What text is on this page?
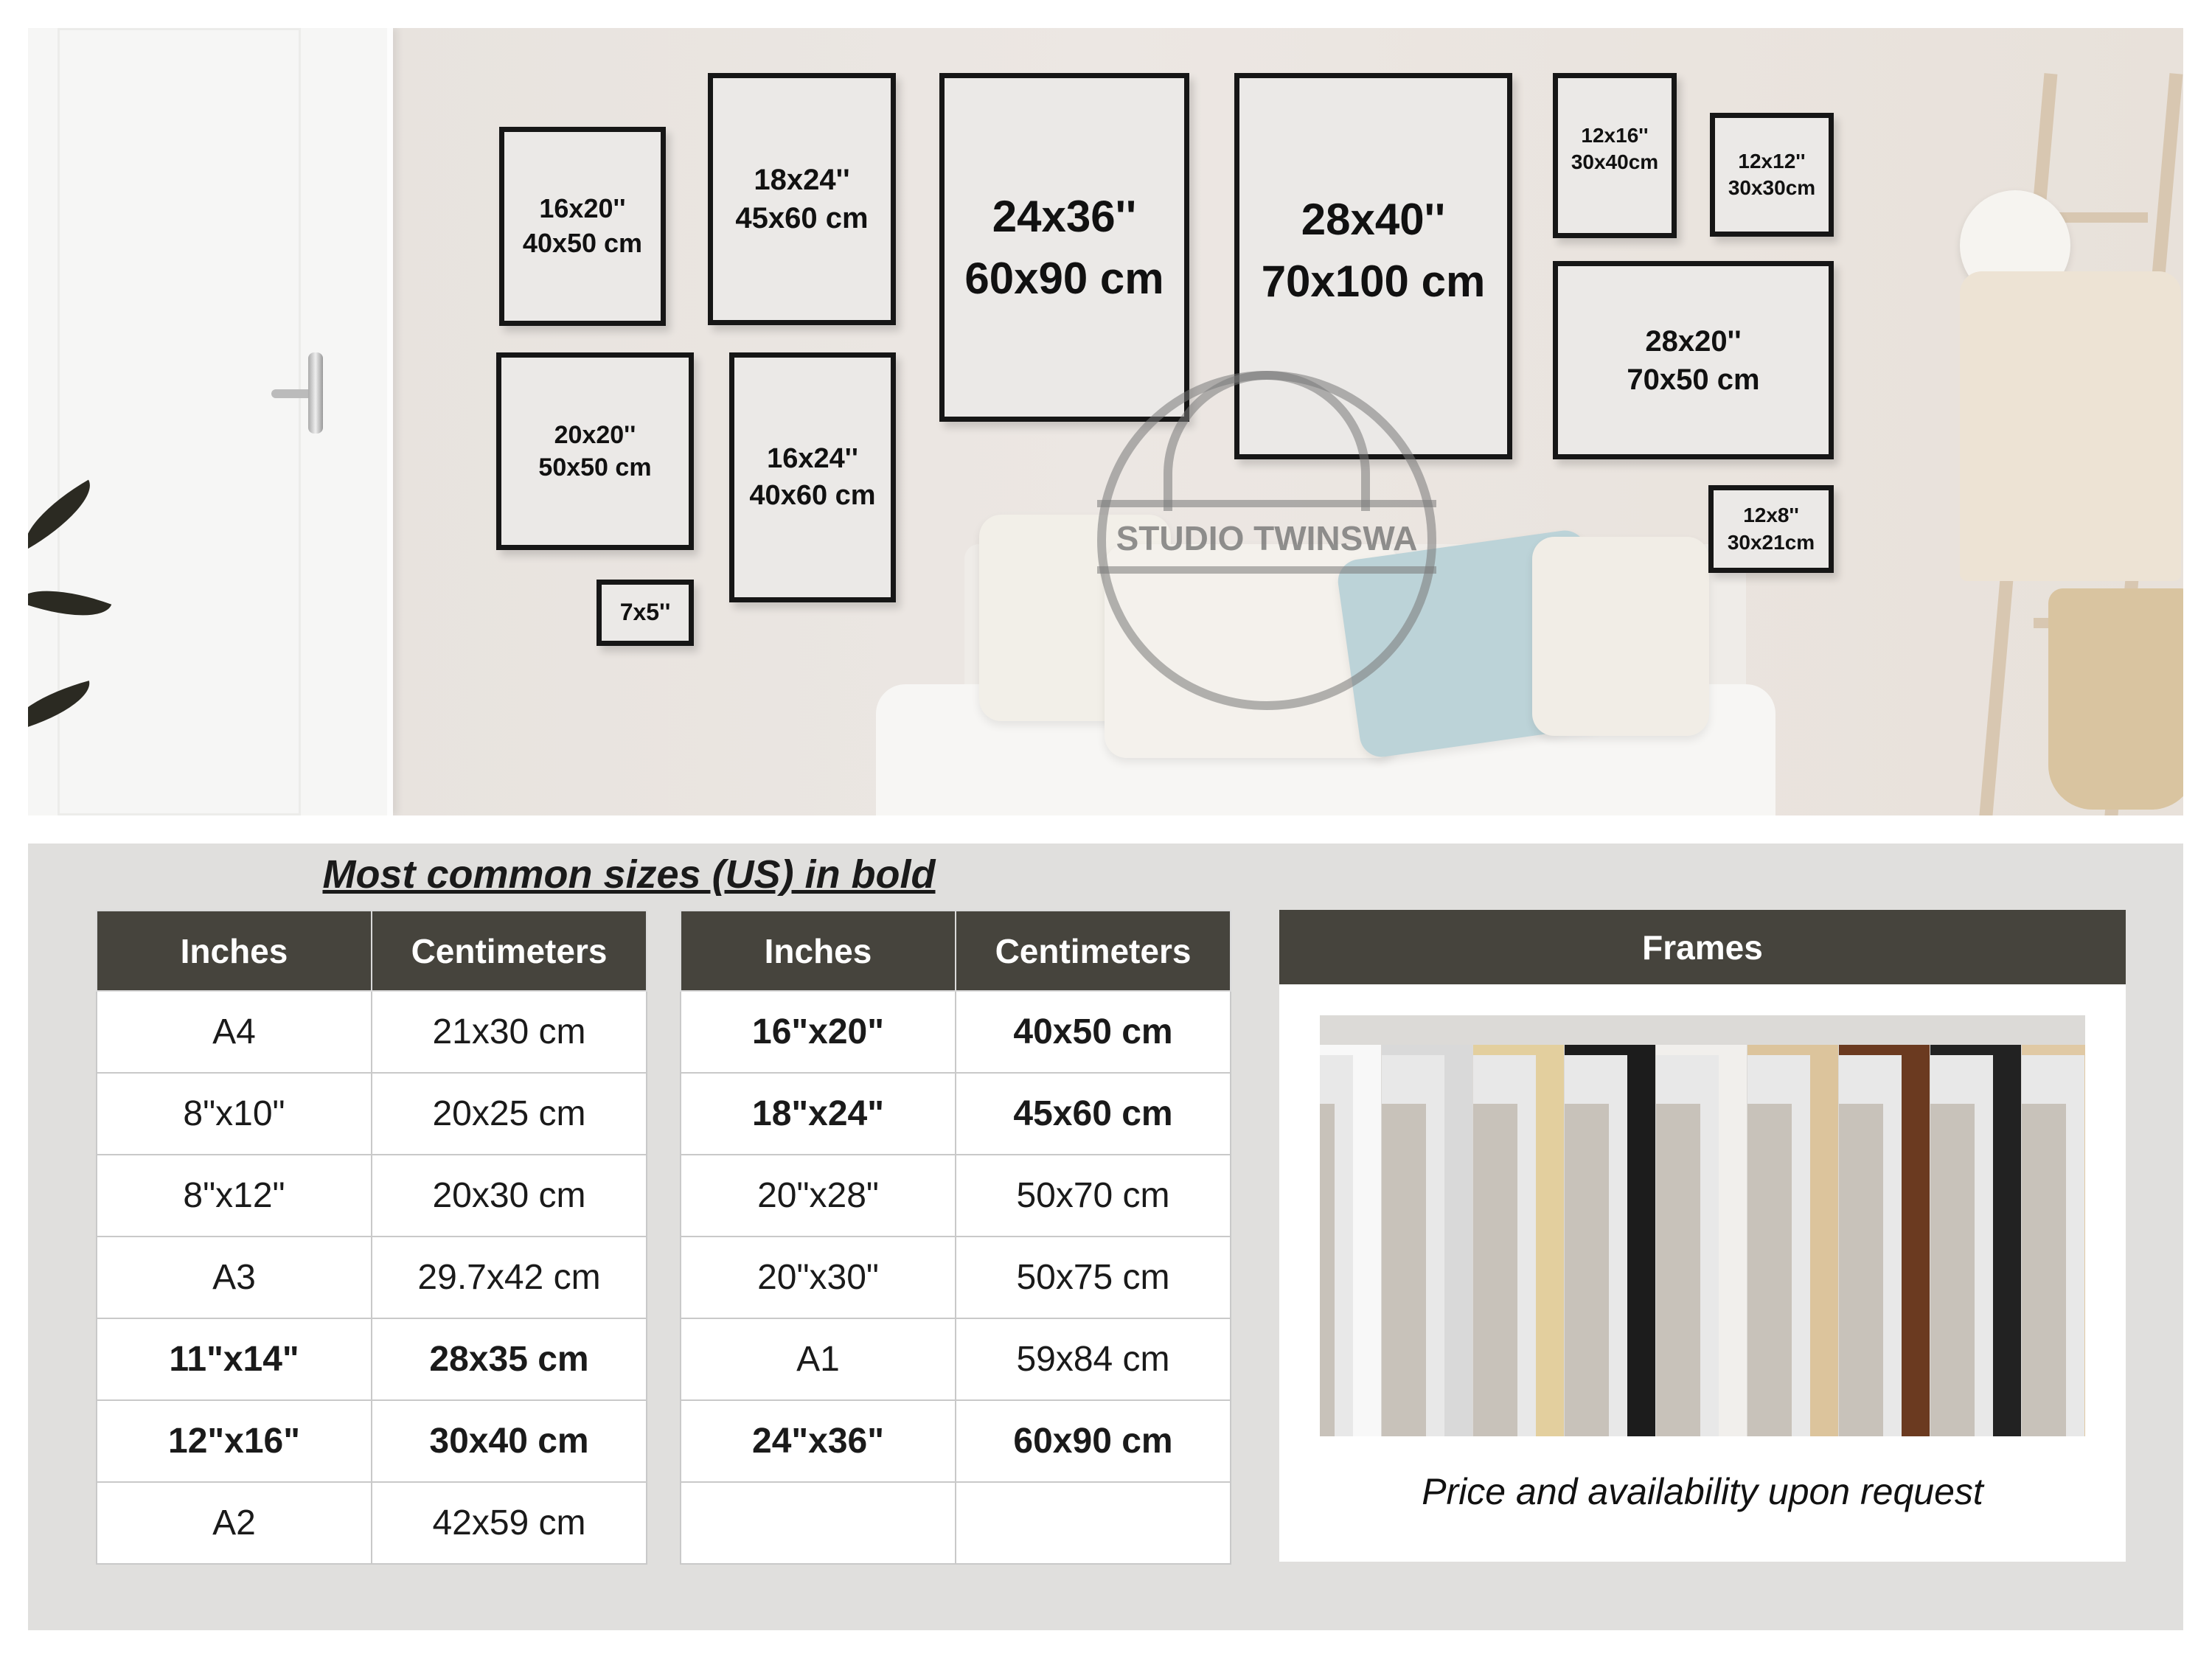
16x20''
40x50 cm
18x24''
45x60 cm	24x36''
60x90 cm
28x40''
70x100 cm
12x16''
30x40cm	12x12''
30x30cm
28x20''
70x50 cm
20x20''
50x50 cm	16x24''
40x60 cm
7x5''
12x8''
30x21cm
STUDIO TWINSWA
Most common sizes (US) in bold
Inches	Centimeters
A4	21x30 cm
8"x10"	20x25 cm
8"x12"	20x30 cm
A3	29.7x42 cm
11"x14"	28x35 cm
12"x16"	30x40 cm
A2	42x59 cm
Inches	Centimeters
16"x20"	40x50 cm
18"x24"	45x60 cm
20"x28"	50x70 cm
20"x30"	50x75 cm
A1	59x84 cm
24"x36"	60x90 cm

Frames
Price and availability upon request
